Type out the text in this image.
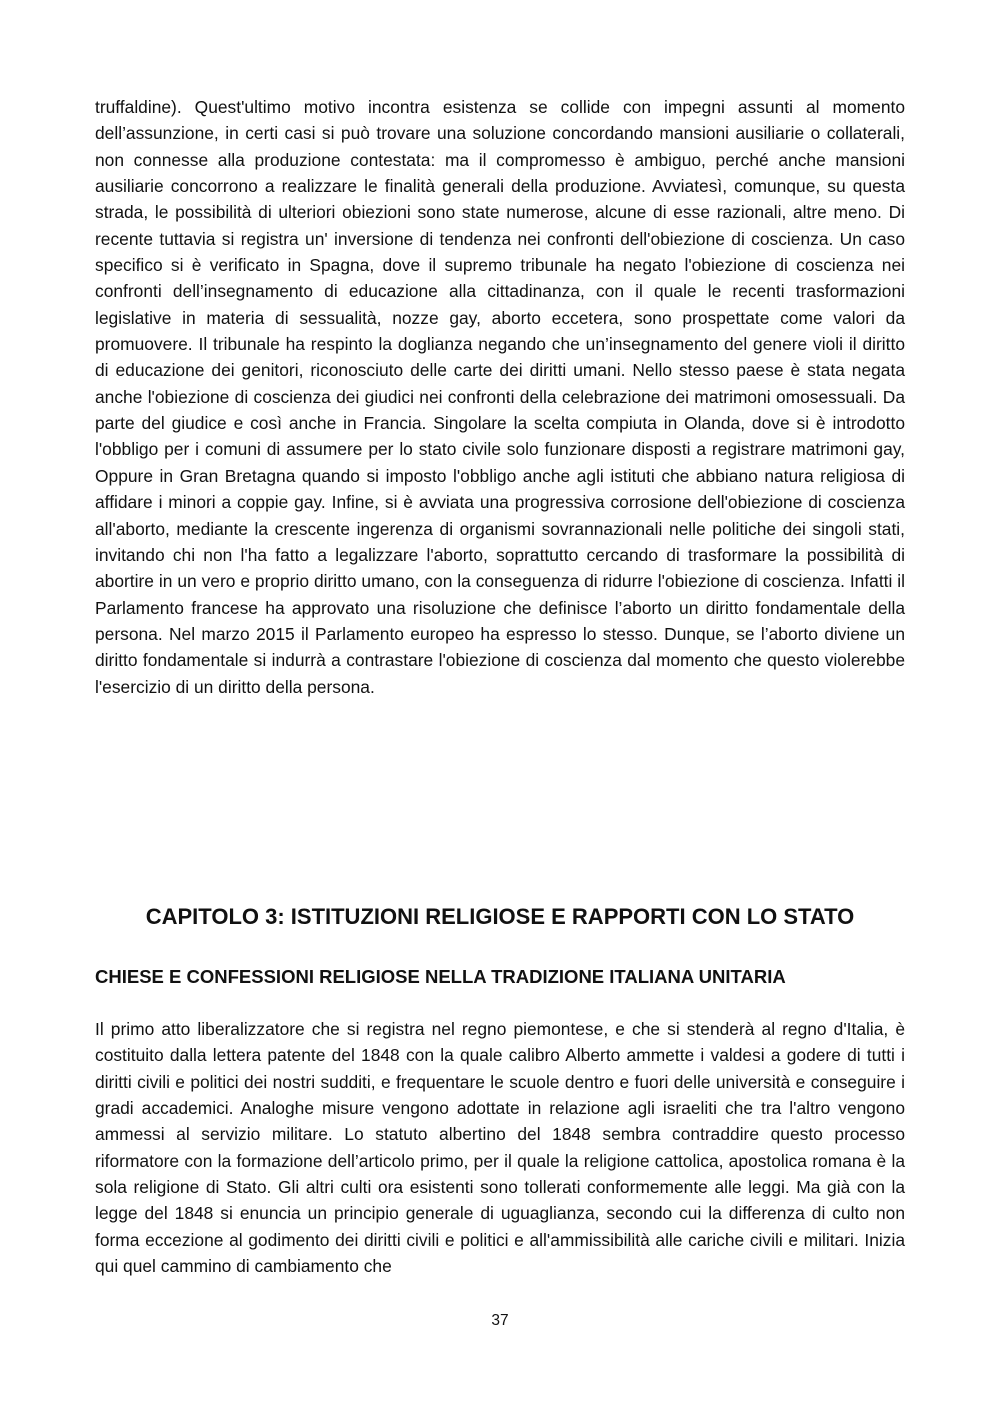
truffaldine). Quest'ultimo motivo incontra esistenza se collide con impegni assunti al momento dell’assunzione, in certi casi si può trovare una soluzione concordando mansioni ausiliarie o collaterali, non connesse alla produzione contestata: ma il compromesso è ambiguo, perché anche mansioni ausiliarie concorrono a realizzare le finalità generali della produzione. Avviatesì, comunque, su questa strada, le possibilità di ulteriori obiezioni sono state numerose, alcune di esse razionali, altre meno. Di recente tuttavia si registra un' inversione di tendenza nei confronti dell'obiezione di coscienza. Un caso specifico si è verificato in Spagna, dove il supremo tribunale ha negato l'obiezione di coscienza nei confronti dell’insegnamento di educazione alla cittadinanza, con il quale le recenti trasformazioni legislative in materia di sessualità, nozze gay, aborto eccetera, sono prospettate come valori da promuovere. Il tribunale ha respinto la doglianza negando che un’insegnamento del genere violi il diritto di educazione dei genitori, riconosciuto delle carte dei diritti umani. Nello stesso paese è stata negata anche l'obiezione di coscienza dei giudici nei confronti della celebrazione dei matrimoni omosessuali. Da parte del giudice e così anche in Francia. Singolare la scelta compiuta in Olanda, dove si è introdotto l'obbligo per i comuni di assumere per lo stato civile solo funzionare disposti a registrare matrimoni gay, Oppure in Gran Bretagna quando si imposto l'obbligo anche agli istituti che abbiano natura religiosa di affidare i minori a coppie gay. Infine, si è avviata una progressiva corrosione dell'obiezione di coscienza all'aborto, mediante la crescente ingerenza di organismi sovrannazionali nelle politiche dei singoli stati, invitando chi non l'ha fatto a legalizzare l'aborto, soprattutto cercando di trasformare la possibilità di abortire in un vero e proprio diritto umano, con la conseguenza di ridurre l'obiezione di coscienza. Infatti il Parlamento francese ha approvato una risoluzione che definisce l’aborto un diritto fondamentale della persona. Nel marzo 2015 il Parlamento europeo ha espresso lo stesso. Dunque, se l’aborto diviene un diritto fondamentale si indurrà a contrastare l'obiezione di coscienza dal momento che questo violerebbe l'esercizio di un diritto della persona.

CAPITOLO 3: ISTITUZIONI RELIGIOSE E RAPPORTI CON LO STATO
CHIESE E CONFESSIONI RELIGIOSE NELLA TRADIZIONE ITALIANA UNITARIA

Il primo atto liberalizzatore che si registra nel regno piemontese, e che si stenderà al regno d'Italia, è costituito dalla lettera patente del 1848 con la quale calibro Alberto ammette i valdesi a godere di tutti i diritti civili e politici dei nostri sudditi, e frequentare le scuole dentro e fuori delle università e conseguire i gradi accademici. Analoghe misure vengono adottate in relazione agli israeliti che tra l'altro vengono ammessi al servizio militare. Lo statuto albertino del 1848 sembra contraddire questo processo riformatore con la formazione dell’articolo primo, per il quale la religione cattolica, apostolica romana è la sola religione di Stato. Gli altri culti ora esistenti sono tollerati conformemente alle leggi. Ma già con la legge del 1848 si enuncia un principio generale di uguaglianza, secondo cui la differenza di culto non forma eccezione al godimento dei diritti civili e politici e all'ammissibilità alle cariche civili e militari. Inizia qui quel cammino di cambiamento che

37
